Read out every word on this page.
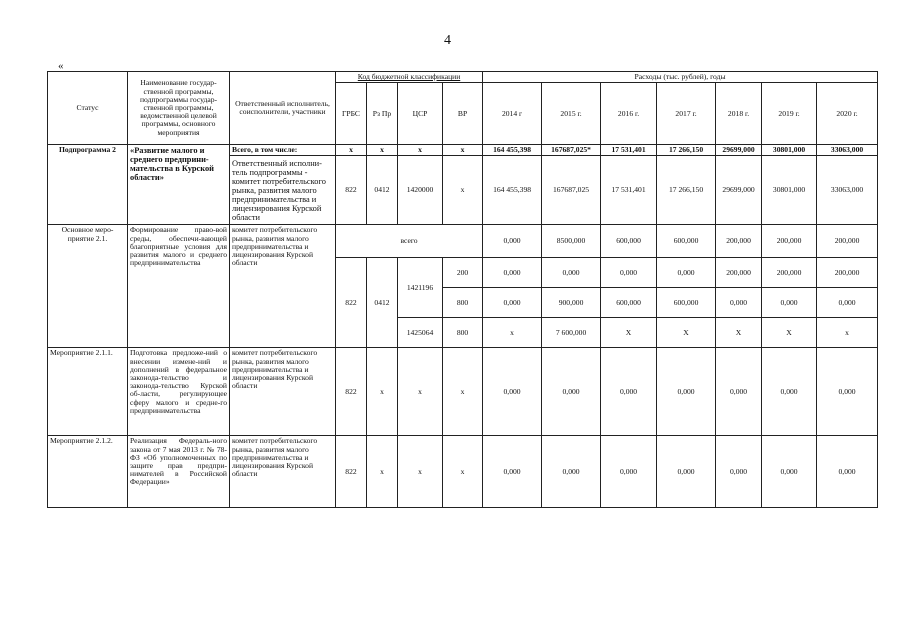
4
«
Статус	Наименование государ-ственной программы, подпрограммы государ-ственной программы, ведомственной целевой программы, основного мероприятия	Ответственный исполнитель, соисполнители, участники	Код бюджетной классификации				Расходы (тыс. рублей), годы						
			ГРБС	Рз Пр	ЦСР	ВР	2014 г	2015 г.	2016 г.	2017 г.	2018 г.	2019 г.	2020 г.
Подпрограмма 2	«Развитие малого и среднего предприни-мательства в Курской области»	Всего, в том числе:	x	x	x	x	164 455,398	167687,025*	17 531,401	17 266,150	29699,000	30801,000	33063,000
		Ответственный исполни-тель подпрограммы - комитет потребительского рынка, развития малого предпринимательства и лицензирования Курской области	822	0412	1420000	x	164 455,398	167687,025	17 531,401	17 266,150	29699,000	30801,000	33063,000
Основное меро-приятие 2.1.	Формирование право-вой среды, обеспечи-вающей благоприятные условия для развития малого и среднего предпринимательства	комитет потребительского рынка, развития малого предпринимательства и лицензирования Курской области	всего				0,000	8500,000	600,000	600,000	200,000	200,000	200,000
			822	0412	1421196	200	0,000	0,000	0,000	0,000	200,000	200,000	200,000
						800	0,000	900,000	600,000	600,000	0,000	0,000	0,000
					1425064	800	x	7 600,000	X	X	X	X	x
Мероприятие 2.1.1.	Подготовка предложе-ний о внесении измене-ний и дополнений в федеральное законода-тельство и законода-тельство Курской об-ласти, регулирующее сферу малого и средне-го предпринимательства	комитет потребительского рынка, развития малого предпринимательства и лицензирования Курской области	822	x	x	x	0,000	0,000	0,000	0,000	0,000	0,000	0,000
Мероприятие 2.1.2.	Реализация Федераль-ного закона от 7 мая 2013 г. № 78-ФЗ «Об уполномоченных по защите прав предпри-нимателей в Российской Федерации»	комитет потребительского рынка, развития малого предпринимательства и лицензирования Курской области	822	x	x	x	0,000	0,000	0,000	0,000	0,000	0,000	0,000
